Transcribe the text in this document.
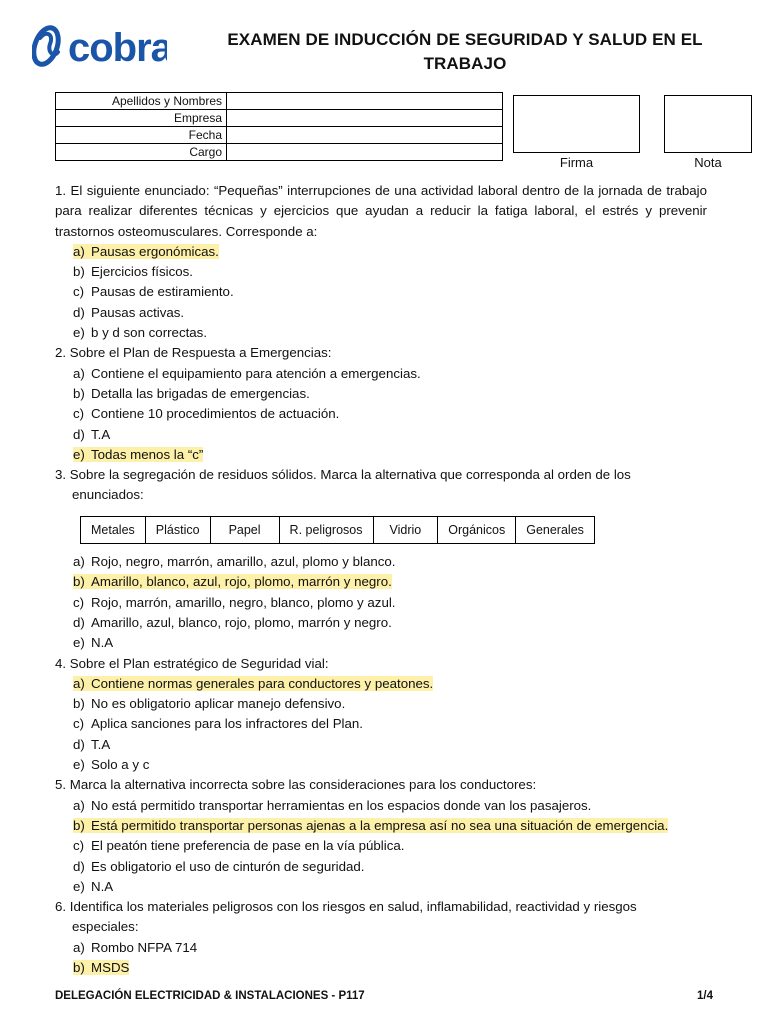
cobra	EXAMEN DE INDUCCIÓN DE SEGURIDAD Y SALUD EN EL
TRABAJO
Apellidos y Nombres	
Empresa	
Fecha	
Cargo	
Firma	Nota
1. El siguiente enunciado: “Pequeñas” interrupciones de una actividad laboral dentro de la jornada de trabajo para realizar diferentes técnicas y ejercicios que ayudan a reducir la fatiga laboral, el estrés y prevenir trastornos osteomusculares. Corresponde a:
a) Pausas ergonómicas.
b) Ejercicios físicos.
c) Pausas de estiramiento.
d) Pausas activas.
e) b y d son correctas.
2. Sobre el Plan de Respuesta a Emergencias:
a) Contiene el equipamiento para atención a emergencias.
b) Detalla las brigadas de emergencias.
c) Contiene 10 procedimientos de actuación.
d) T.A
e) Todas menos la “c”
3. Sobre la segregación de residuos sólidos. Marca la alternativa que corresponda al orden de los
enunciados:
Metales	Plástico	Papel	R. peligrosos	Vidrio	Orgánicos	Generales
a) Rojo, negro, marrón, amarillo, azul, plomo y blanco.
b) Amarillo, blanco, azul, rojo, plomo, marrón y negro.
c) Rojo, marrón, amarillo, negro, blanco, plomo y azul.
d) Amarillo, azul, blanco, rojo, plomo, marrón y negro.
e) N.A
4. Sobre el Plan estratégico de Seguridad vial:
a) Contiene normas generales para conductores y peatones.
b) No es obligatorio aplicar manejo defensivo.
c) Aplica sanciones para los infractores del Plan.
d) T.A
e) Solo a y c
5. Marca la alternativa incorrecta sobre las consideraciones para los conductores:
a) No está permitido transportar herramientas en los espacios donde van los pasajeros.
b) Está permitido transportar personas ajenas a la empresa así no sea una situación de emergencia.
c) El peatón tiene preferencia de pase en la vía pública.
d) Es obligatorio el uso de cinturón de seguridad.
e) N.A
6. Identifica los materiales peligrosos con los riesgos en salud, inflamabilidad, reactividad y riesgos
especiales:
a) Rombo NFPA 714
b) MSDS
DELEGACIÓN ELECTRICIDAD & INSTALACIONES - P117	1/4
